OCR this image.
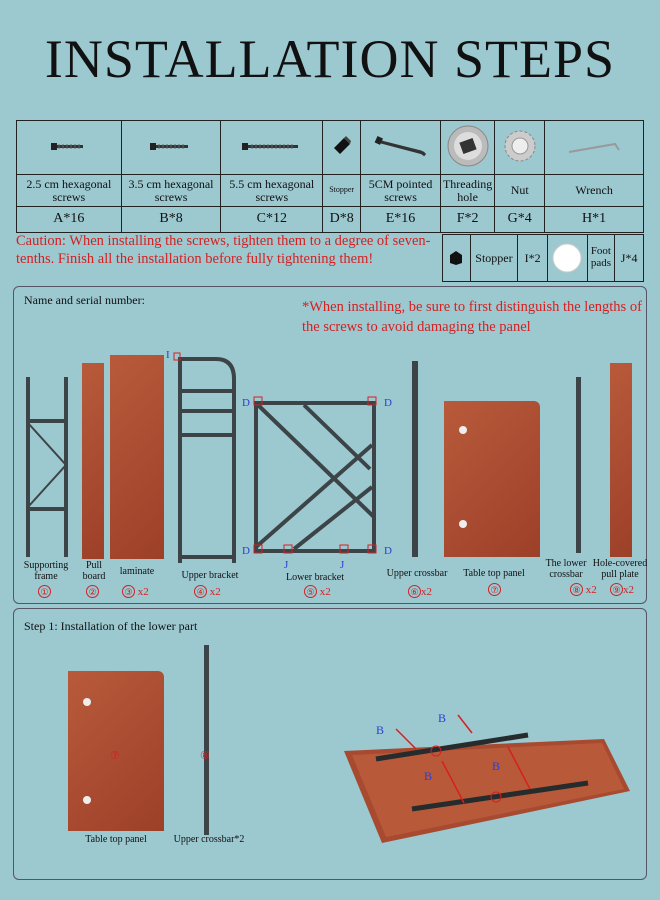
INSTALLATION STEPS

2.5 cm hexagonal screws	3.5 cm hexagonal screws	5.5 cm hexagonal screws	Stopper	5CM pointed screws	Threading hole	Nut	Wrench
A*16	B*8	C*12	D*8	E*16	F*2	G*4	H*1
Caution: When installing the screws, tighten them to a degree of seven-tenths. Finish all the installation before fully tightening them!	Stopper I*2	Foot pads J*4
Name and serial number:	*When installing, be sure to first distinguish the lengths of the screws to avoid damaging the panel
Supporting frame
①
Pull board
②
laminate
③ x2
I
Upper bracket
④ x2
D	D
D	D
J	J
Lower bracket
⑤ x2
Upper crossbar
⑥ x2
Table top panel
⑦
The lower crossbar
⑧ x2
Hole-covered pull plate
⑨ x2
Step 1: Installation of the lower part
⑦
Table top panel
⑧
Upper crossbar*2
B
B
B
B
